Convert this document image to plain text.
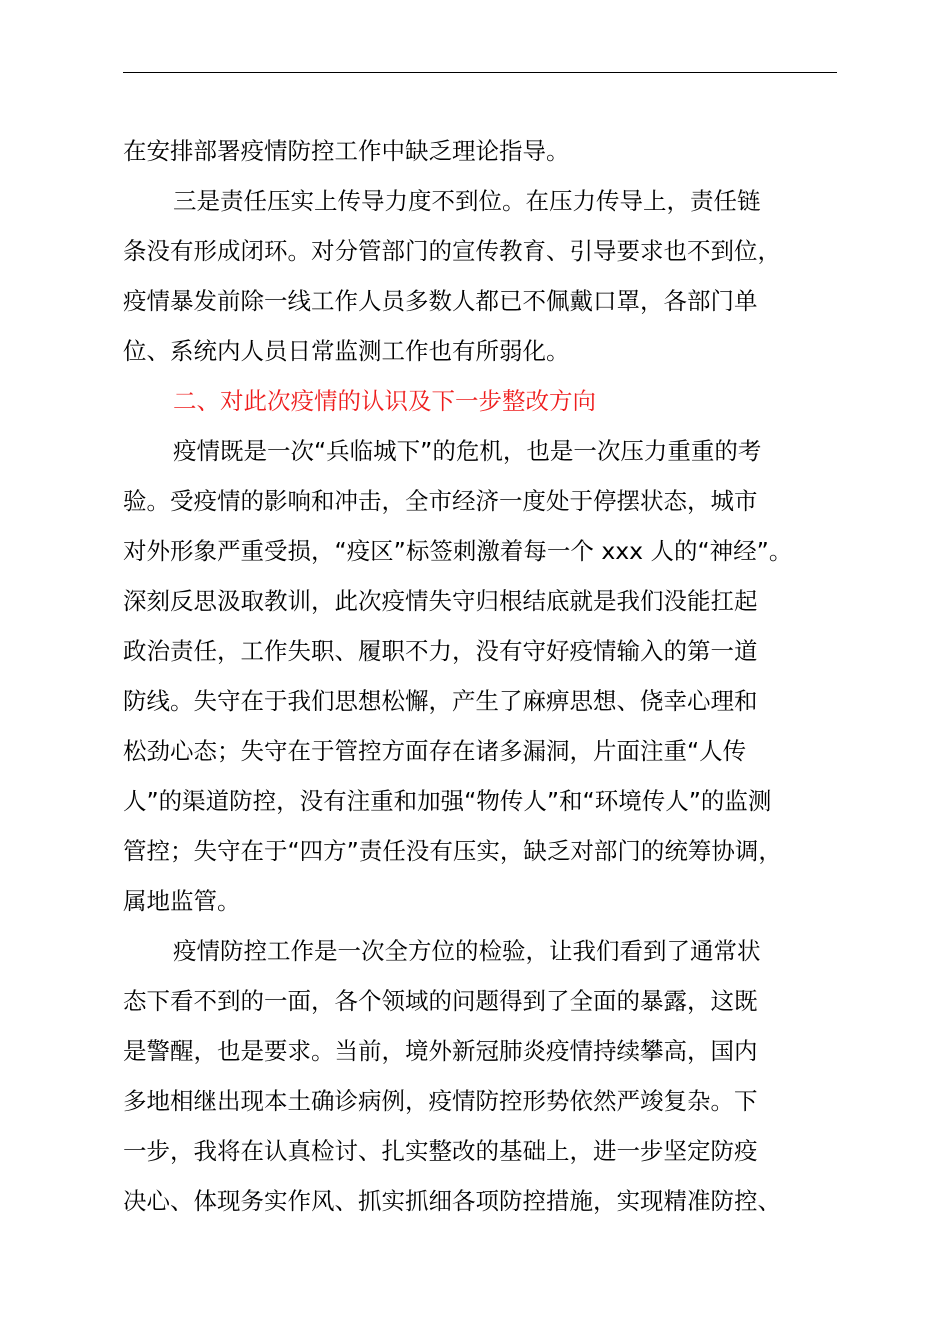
在安排部署疫情防控工作中缺乏理论指导。
三是责任压实上传导力度不到位。在压力传导上，责任链
条没有形成闭环。对分管部门的宣传教育、引导要求也不到位，
疫情暴发前除一线工作人员多数人都已不佩戴口罩，各部门单
位、系统内人员日常监测工作也有所弱化。
二、对此次疫情的认识及下一步整改方向
疫情既是一次“兵临城下”的危机，也是一次压力重重的考
验。受疫情的影响和冲击，全市经济一度处于停摆状态，城市
对外形象严重受损，“疫区”标签刺激着每一个 xxx 人的“神经”。
深刻反思汲取教训，此次疫情失守归根结底就是我们没能扛起
政治责任，工作失职、履职不力，没有守好疫情输入的第一道
防线。失守在于我们思想松懈，产生了麻痹思想、侥幸心理和
松劲心态；失守在于管控方面存在诸多漏洞，片面注重“人传
人”的渠道防控，没有注重和加强“物传人”和“环境传人”的监测
管控；失守在于“四方”责任没有压实，缺乏对部门的统筹协调，
属地监管。
疫情防控工作是一次全方位的检验，让我们看到了通常状
态下看不到的一面，各个领域的问题得到了全面的暴露，这既
是警醒，也是要求。当前，境外新冠肺炎疫情持续攀高，国内
多地相继出现本土确诊病例，疫情防控形势依然严竣复杂。下
一步，我将在认真检讨、扎实整改的基础上，进一步坚定防疫
决心、体现务实作风、抓实抓细各项防控措施，实现精准防控、
